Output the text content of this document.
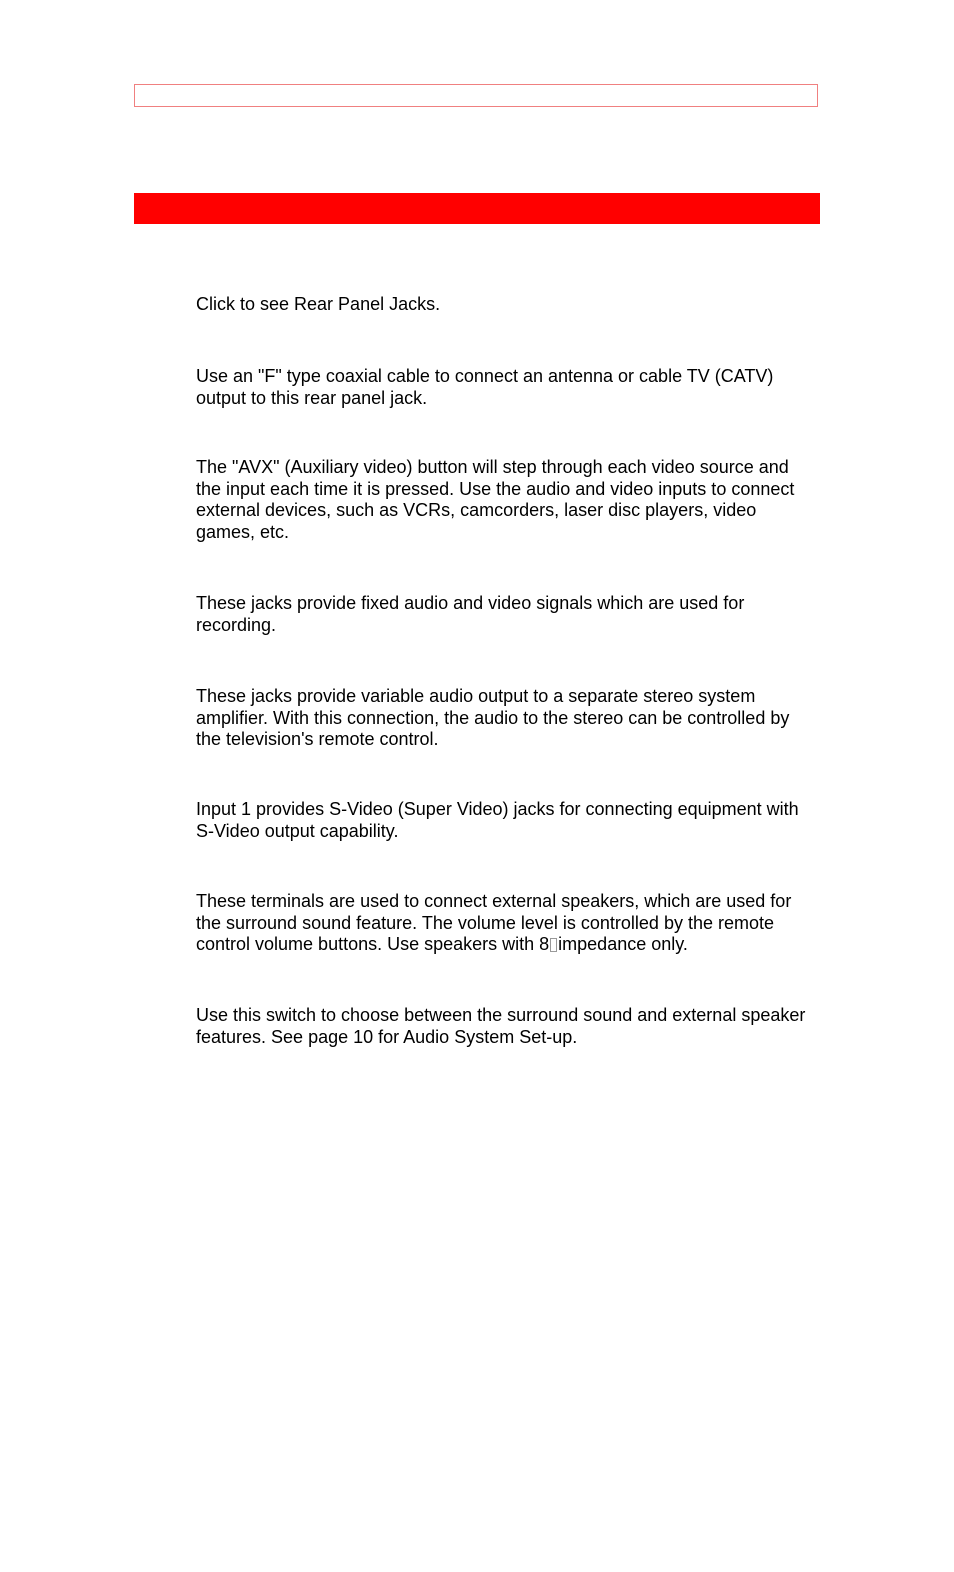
Click to see Rear Panel Jacks.

Use an "F" type coaxial cable to connect an antenna or cable TV (CATV) output to this rear panel jack.

The "AVX" (Auxiliary video) button will step through each video source and the input each time it is pressed. Use the audio and video inputs to connect external devices, such as VCRs, camcorders, laser disc players, video games, etc.

These jacks provide fixed audio and video signals which are used for recording.

These jacks provide variable audio output to a separate stereo system amplifier. With this connection, the audio to the stereo can be controlled by the television's remote control.

Input 1 provides S-Video (Super Video) jacks for connecting equipment with S-Video output capability.

These terminals are used to connect external speakers, which are used for the surround sound feature. The volume level is controlled by the remote control volume buttons. Use speakers with 8 impedance only.

Use this switch to choose between the surround sound and external speaker features. See page 10 for Audio System Set-up.
